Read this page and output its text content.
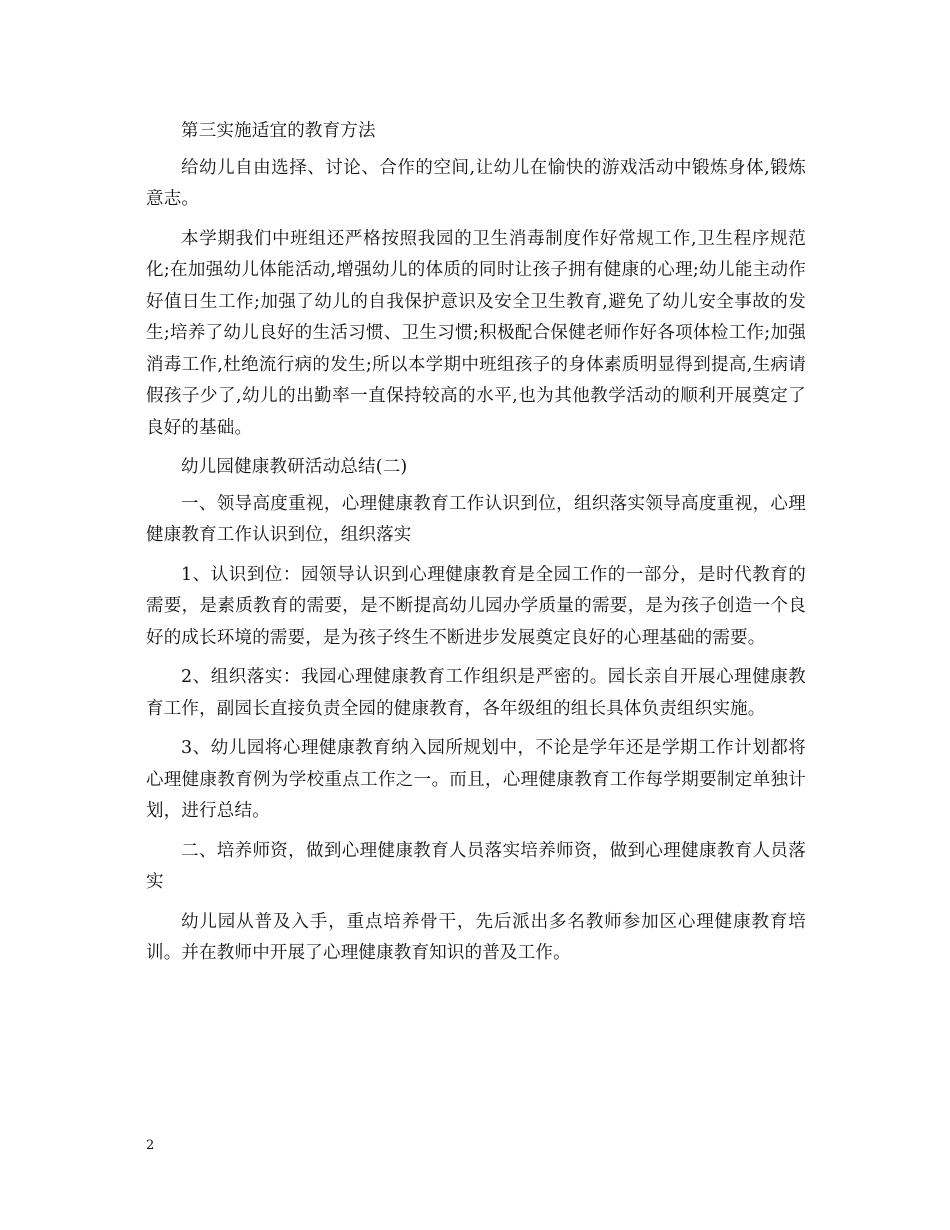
第三实施适宜的教育方法

给幼儿自由选择、讨论、合作的空间,让幼儿在愉快的游戏活动中锻炼身体,锻炼意志。

本学期我们中班组还严格按照我园的卫生消毒制度作好常规工作,卫生程序规范化;在加强幼儿体能活动,增强幼儿的体质的同时让孩子拥有健康的心理;幼儿能主动作好值日生工作;加强了幼儿的自我保护意识及安全卫生教育,避免了幼儿安全事故的发生;培养了幼儿良好的生活习惯、卫生习惯;积极配合保健老师作好各项体检工作;加强消毒工作,杜绝流行病的发生;所以本学期中班组孩子的身体素质明显得到提高,生病请假孩子少了,幼儿的出勤率一直保持较高的水平,也为其他教学活动的顺利开展奠定了良好的基础。

幼儿园健康教研活动总结(二)

一、领导高度重视，心理健康教育工作认识到位，组织落实领导高度重视，心理健康教育工作认识到位，组织落实

1、认识到位：园领导认识到心理健康教育是全园工作的一部分，是时代教育的需要，是素质教育的需要，是不断提高幼儿园办学质量的需要，是为孩子创造一个良好的成长环境的需要，是为孩子终生不断进步发展奠定良好的心理基础的需要。

2、组织落实：我园心理健康教育工作组织是严密的。园长亲自开展心理健康教育工作，副园长直接负责全园的健康教育，各年级组的组长具体负责组织实施。

3、幼儿园将心理健康教育纳入园所规划中，不论是学年还是学期工作计划都将心理健康教育例为学校重点工作之一。而且，心理健康教育工作每学期要制定单独计划，进行总结。

二、培养师资，做到心理健康教育人员落实培养师资，做到心理健康教育人员落实

幼儿园从普及入手，重点培养骨干，先后派出多名教师参加区心理健康教育培训。并在教师中开展了心理健康教育知识的普及工作。

2
